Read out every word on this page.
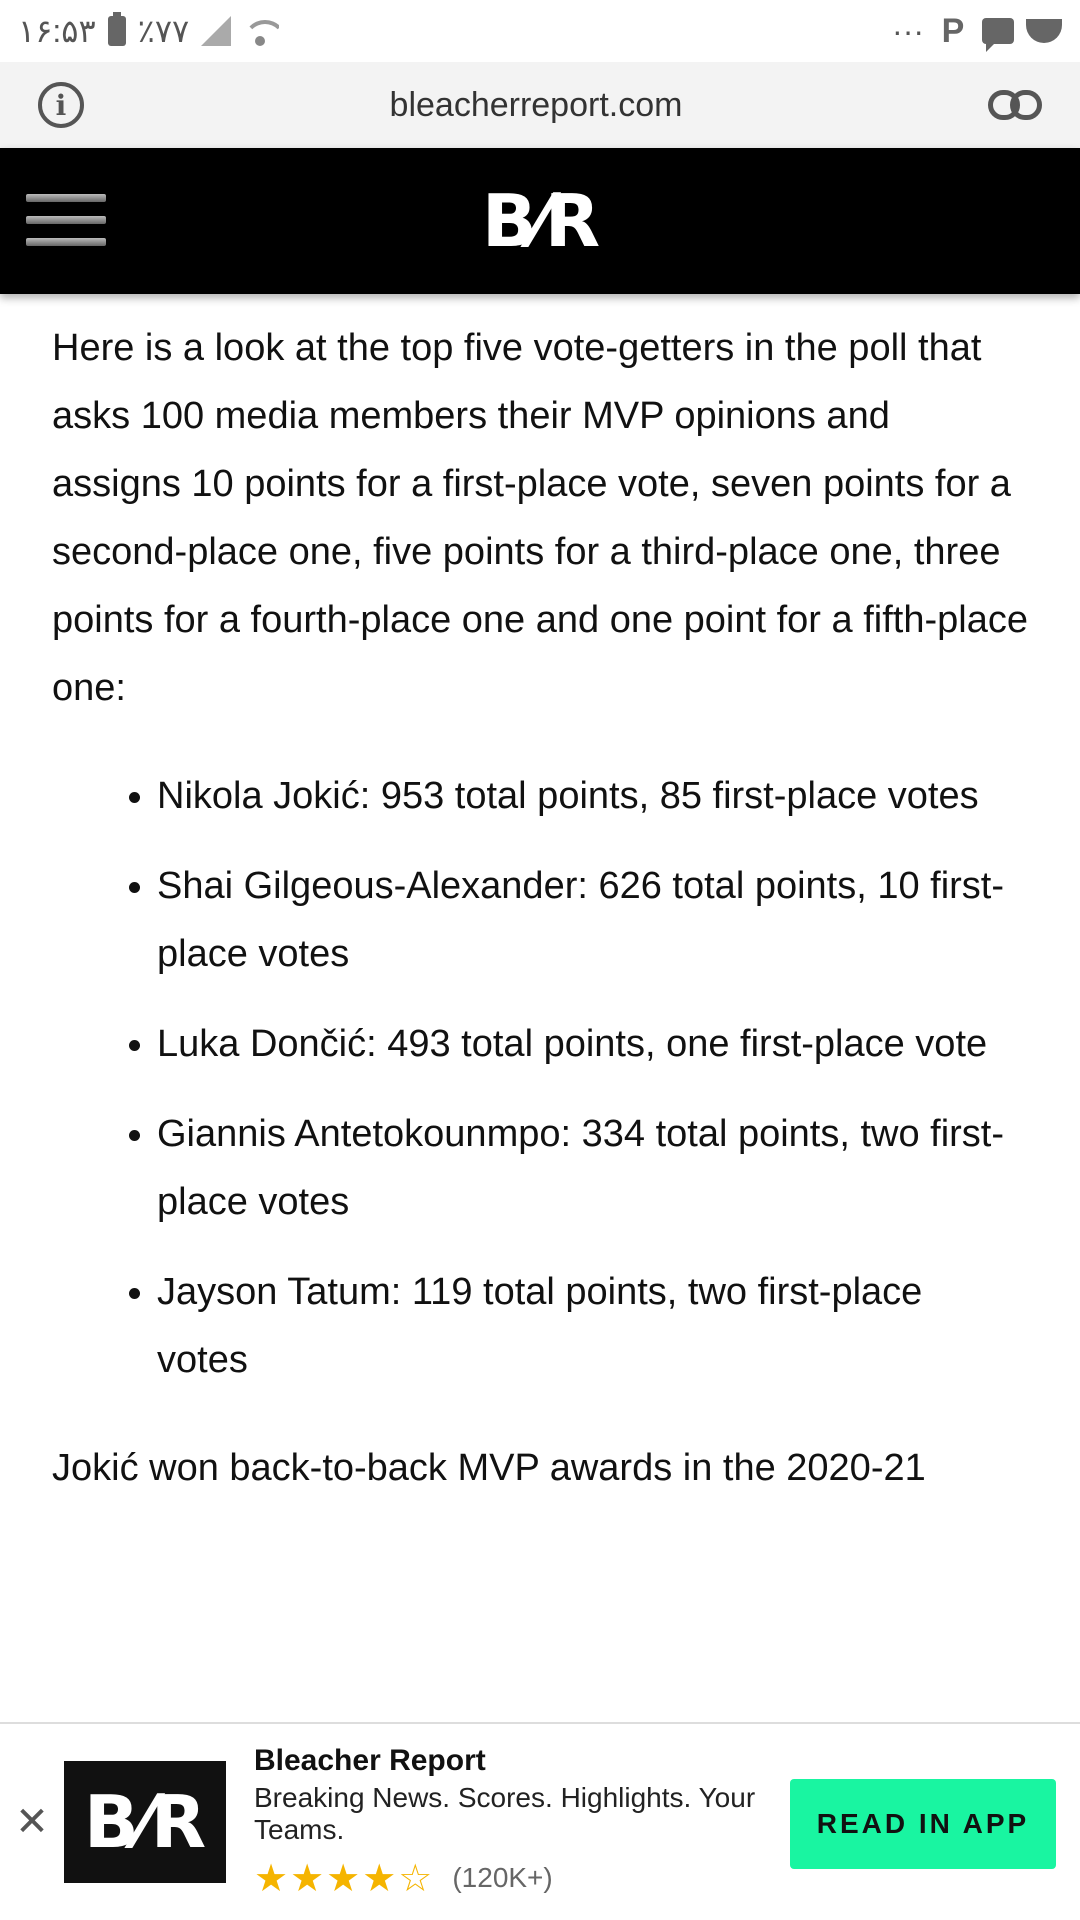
۱۶:۵۳ ٪۷۷	··· P
i	bleacherreport.com
B⁄R

Here is a look at the top five vote-getters in the poll that asks 100 media members their MVP opinions and assigns 10 points for a first-place vote, seven points for a second-place one, five points for a third-place one, three points for a fourth-place one and one point for a fifth-place one:

Nikola Jokić: 953 total points, 85 first-place votes
Shai Gilgeous-Alexander: 626 total points, 10 first-place votes
Luka Dončić: 493 total points, one first-place vote
Giannis Antetokounmpo: 334 total points, two first-place votes
Jayson Tatum: 119 total points, two first-place votes

Jokić won back-to-back MVP awards in the 2020-21

✕ B⁄R
Bleacher Report
Breaking News. Scores. Highlights. Your Teams.
★★★★☆ (120K+)
READ IN APP
